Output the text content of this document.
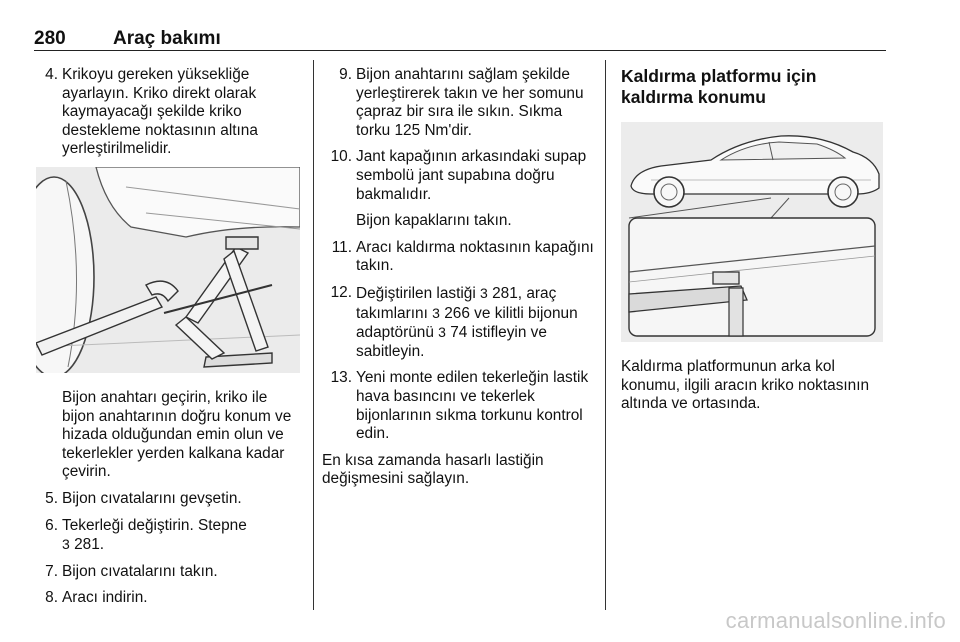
280 Araç bakımı
4. Krikoyu gereken yüksekliğe ayarlayın. Kriko direkt olarak kaymayacağı şekilde kriko destekleme noktasının altına yerleştirilmelidir.

Bijon anahtarı geçirin, kriko ile bijon anahtarının doğru konum ve hizada olduğundan emin olun ve tekerlekler yerden kalkana kadar çevirin.

5. Bijon cıvatalarını gevşetin.
6. Tekerleği değiştirin. Stepne
3 281.
7. Bijon cıvatalarını takın.
8. Aracı indirin.
9. Bijon anahtarını sağlam şekilde yerleştirerek takın ve her somunu çapraz bir sıra ile sıkın. Sıkma torku 125 Nm'dir.
10. Jant kapağının arkasındaki supap sembolü jant supabına doğru bakmalıdır.

Bijon kapaklarını takın.

11. Aracı kaldırma noktasının kapağını takın.
12. Değiştirilen lastiği 3 281, araç takımlarını 3 266 ve kilitli bijonun adaptörünü 3 74 istifleyin ve sabitleyin.
13. Yeni monte edilen tekerleğin lastik hava basıncını ve tekerlek bijonlarının sıkma torkunu kontrol edin.

En kısa zamanda hasarlı lastiğin değişmesini sağlayın.

Kaldırma platformu için kaldırma konumu

Kaldırma platformunun arka kol konumu, ilgili aracın kriko noktasının altında ve ortasında.

carmanualsonline.info
